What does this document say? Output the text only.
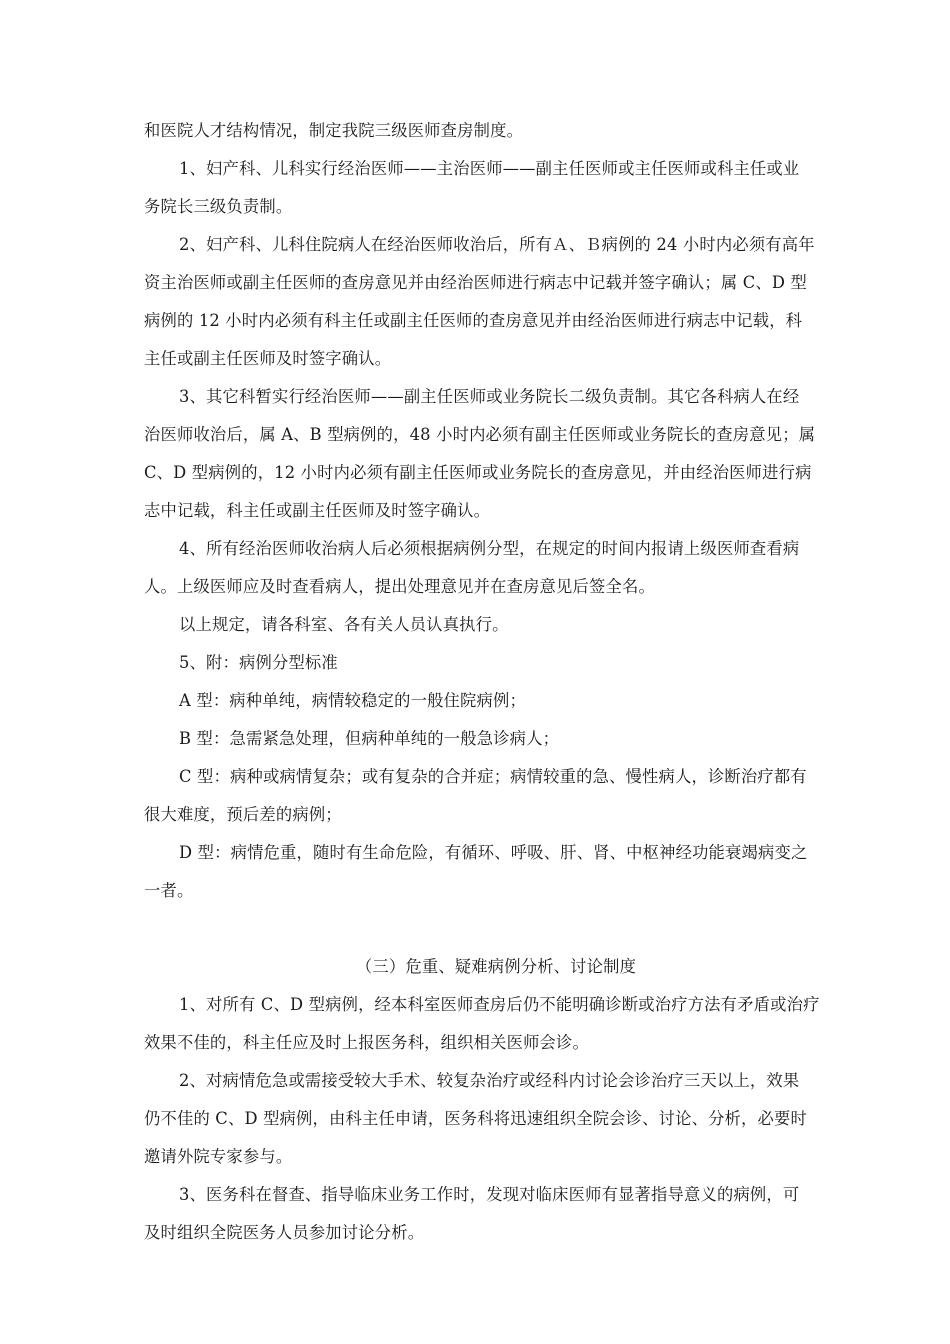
和医院人才结构情况，制定我院三级医师查房制度。
1、妇产科、儿科实行经治医师——主治医师——副主任医师或主任医师或科主任或业
务院长三级负责制。
2、妇产科、儿科住院病人在经治医师收治后，所有Ａ、Ｂ病例的 24 小时内必须有高年
资主治医师或副主任医师的查房意见并由经治医师进行病志中记载并签字确认；属 C、D 型
病例的 12 小时内必须有科主任或副主任医师的查房意见并由经治医师进行病志中记载，科
主任或副主任医师及时签字确认。
3、其它科暂实行经治医师——副主任医师或业务院长二级负责制。其它各科病人在经
治医师收治后，属 A、B 型病例的，48 小时内必须有副主任医师或业务院长的查房意见；属
C、D 型病例的，12 小时内必须有副主任医师或业务院长的查房意见，并由经治医师进行病
志中记载，科主任或副主任医师及时签字确认。
4、所有经治医师收治病人后必须根据病例分型，在规定的时间内报请上级医师查看病
人。上级医师应及时查看病人，提出处理意见并在查房意见后签全名。
以上规定，请各科室、各有关人员认真执行。
5、附：病例分型标准
A 型：病种单纯，病情较稳定的一般住院病例；
B 型：急需紧急处理，但病种单纯的一般急诊病人；
C 型：病种或病情复杂；或有复杂的合并症；病情较重的急、慢性病人，诊断治疗都有
很大难度，预后差的病例；
D 型：病情危重，随时有生命危险，有循环、呼吸、肝、肾、中枢神经功能衰竭病变之
一者。
（三）危重、疑难病例分析、讨论制度
1、对所有 C、D 型病例，经本科室医师查房后仍不能明确诊断或治疗方法有矛盾或治疗
效果不佳的，科主任应及时上报医务科，组织相关医师会诊。
2、对病情危急或需接受较大手术、较复杂治疗或经科内讨论会诊治疗三天以上，效果
仍不佳的 C、D 型病例，由科主任申请，医务科将迅速组织全院会诊、讨论、分析，必要时
邀请外院专家参与。
3、医务科在督查、指导临床业务工作时，发现对临床医师有显著指导意义的病例，可
及时组织全院医务人员参加讨论分析。
